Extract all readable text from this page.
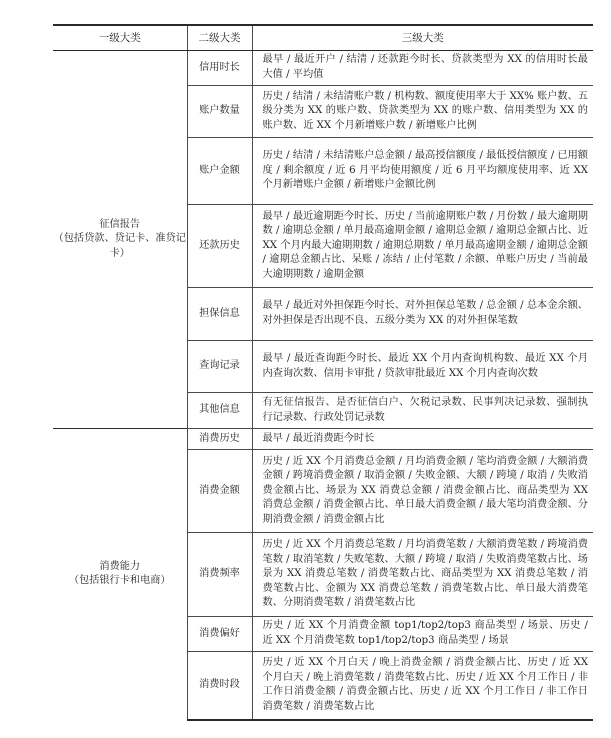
一级大类	二级大类	三级大类

征信报告
（包括贷款、贷记卡、准贷记卡）	信用时长	最早 / 最近开户 / 结清 / 还款距今时长、贷款类型为 XX 的信用时长最大值 / 平均值
	账户数量	历史 / 结清 / 未结清账户数 / 机构数、额度使用率大于 XX% 账户数、五级分类为 XX 的账户数、贷款类型为 XX 的账户数、信用类型为 XX 的账户数、近 XX 个月新增账户数 / 新增账户比例
	账户金额	历史 / 结清 / 未结清账户总金额 / 最高授信额度 / 最低授信额度 / 已用额度 / 剩余额度 / 近 6 月平均使用额度 / 近 6 月平均额度使用率、近 XX 个月新增账户金额 / 新增账户金额比例
	还款历史	最早 / 最近逾期距今时长、历史 / 当前逾期账户数 / 月份数 / 最大逾期期数 / 逾期总金额 / 单月最高逾期金额 / 逾期总金额 / 逾期总金额占比、近 XX 个月内最大逾期期数 / 逾期总期数 / 单月最高逾期金额 / 逾期总金额 / 逾期总金额占比、呆账 / 冻结 / 止付笔数 / 余额、单账户历史 / 当前最大逾期期数 / 逾期金额
	担保信息	最早 / 最近对外担保距今时长、对外担保总笔数 / 总金额 / 总本金余额、对外担保是否出现不良、五级分类为 XX 的对外担保笔数
	查询记录	最早 / 最近查询距今时长、最近 XX 个月内查询机构数、最近 XX 个月内查询次数、信用卡审批 / 贷款审批最近 XX 个月内查询次数
	其他信息	有无征信报告、是否征信白户、欠税记录数、民事判决记录数、强制执行记录数、行政处罚记录数

消费能力
（包括银行卡和电商）	消费历史	最早 / 最近消费距今时长
	消费金额	历史 / 近 XX 个月消费总金额 / 月均消费金额 / 笔均消费金额 / 大额消费金额 / 跨境消费金额 / 取消金额 / 失败金额、大额 / 跨境 / 取消 / 失败消费金额占比、场景为 XX 消费总金额 / 消费金额占比、商品类型为 XX 消费总金额 / 消费金额占比、单日最大消费金额 / 最大笔均消费金额、分期消费金额 / 消费金额占比
	消费频率	历史 / 近 XX 个月消费总笔数 / 月均消费笔数 / 大额消费笔数 / 跨境消费笔数 / 取消笔数 / 失败笔数、大额 / 跨境 / 取消 / 失败消费笔数占比、场景为 XX 消费总笔数 / 消费笔数占比、商品类型为 XX 消费总笔数 / 消费笔数占比、金额为 XX 消费总笔数 / 消费笔数占比、单日最大消费笔数、分期消费笔数 / 消费笔数占比
	消费偏好	历史 / 近 XX 个月消费金额 top1/top2/top3 商品类型 / 场景、历史 / 近 XX 个月消费笔数 top1/top2/top3 商品类型 / 场景
	消费时段	历史 / 近 XX 个月白天 / 晚上消费金额 / 消费金额占比、历史 / 近 XX 个月白天 / 晚上消费笔数 / 消费笔数占比、历史 / 近 XX 个月工作日 / 非工作日消费金额 / 消费金额占比、历史 / 近 XX 个月工作日 / 非工作日消费笔数 / 消费笔数占比
